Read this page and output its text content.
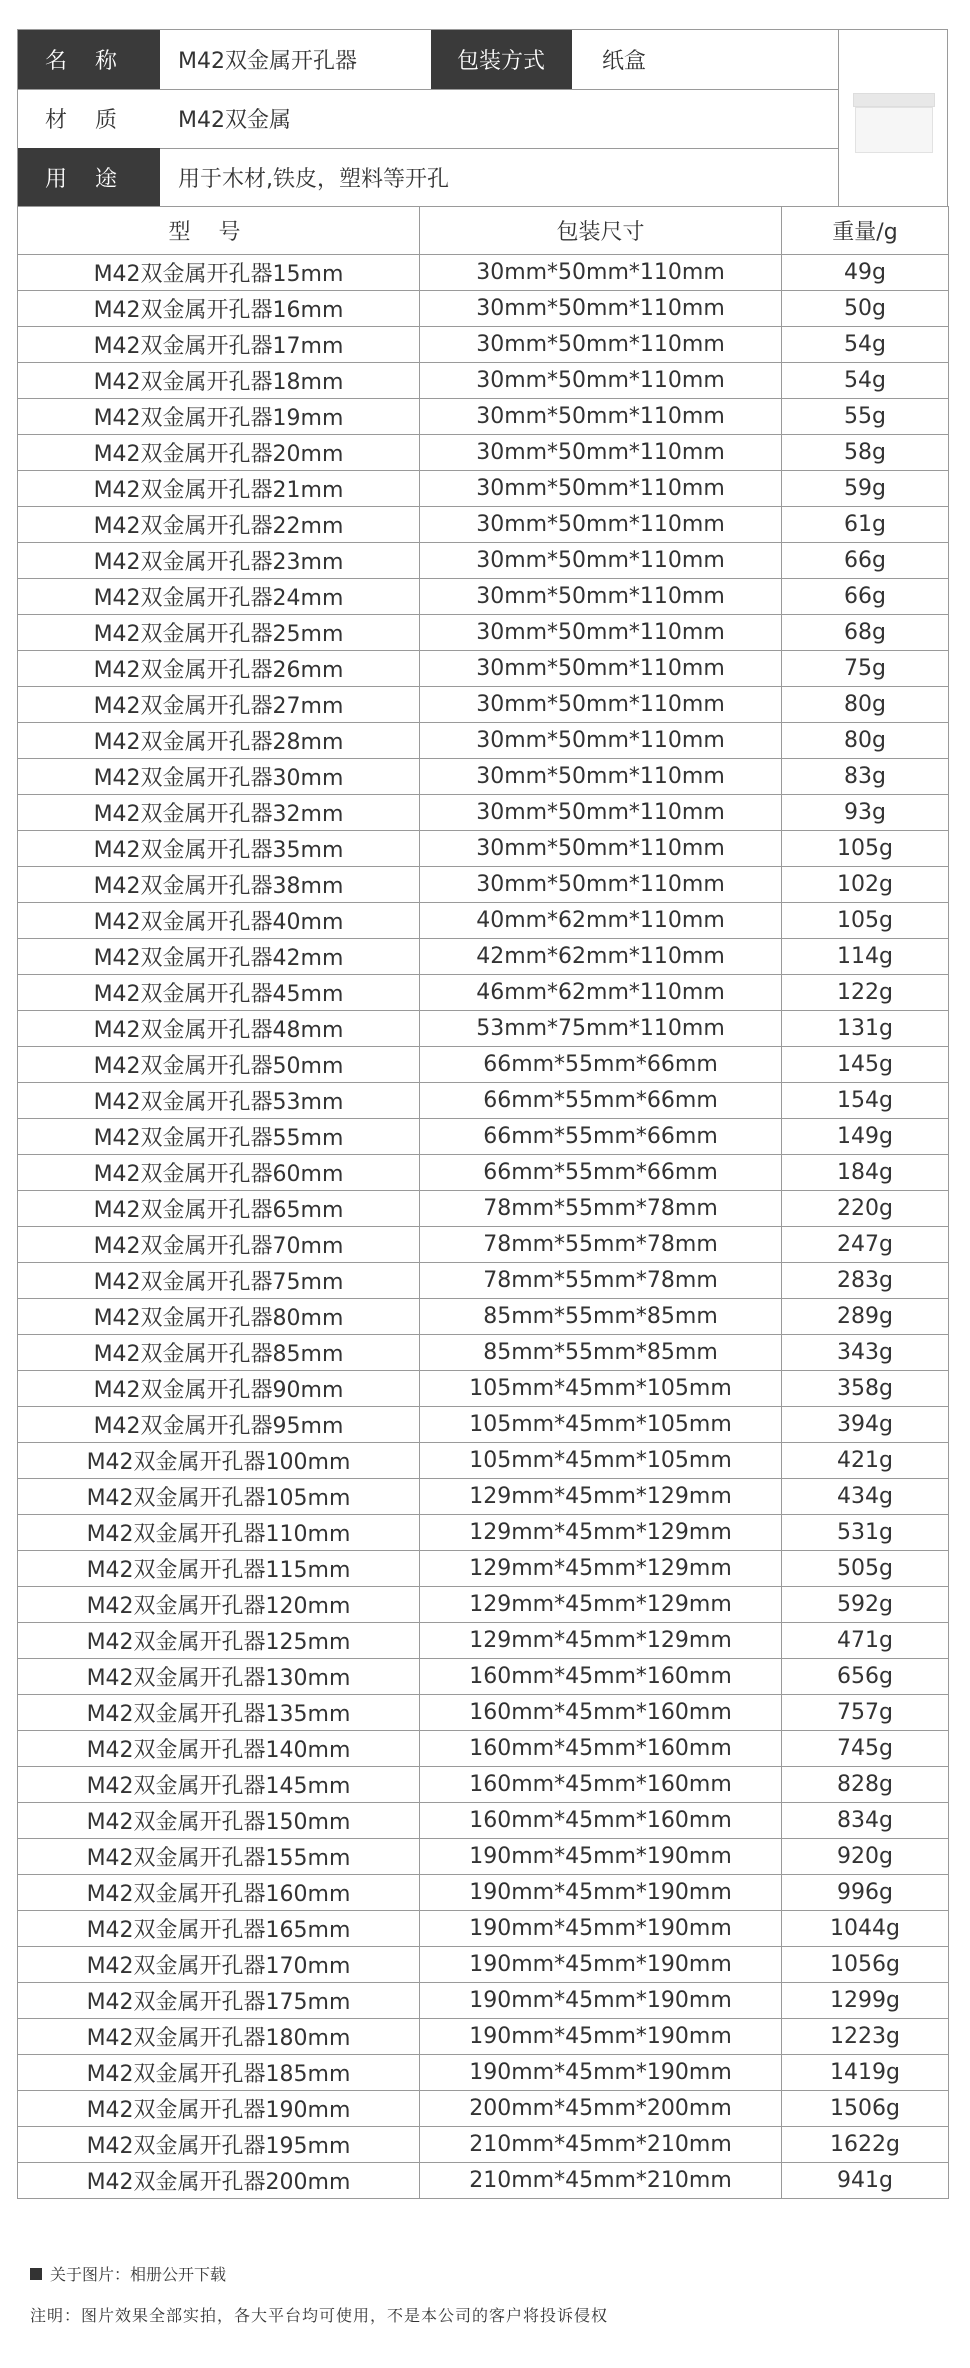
名称	M42双金属开孔器	包装方式	纸盒
材质	M42双金属
用途	用于木材,铁皮，塑料等开孔
型号	包装尺寸	重量/g
M42双金属开孔器15mm	30mm*50mm*110mm	49g
M42双金属开孔器16mm	30mm*50mm*110mm	50g
M42双金属开孔器17mm	30mm*50mm*110mm	54g
M42双金属开孔器18mm	30mm*50mm*110mm	54g
M42双金属开孔器19mm	30mm*50mm*110mm	55g
M42双金属开孔器20mm	30mm*50mm*110mm	58g
M42双金属开孔器21mm	30mm*50mm*110mm	59g
M42双金属开孔器22mm	30mm*50mm*110mm	61g
M42双金属开孔器23mm	30mm*50mm*110mm	66g
M42双金属开孔器24mm	30mm*50mm*110mm	66g
M42双金属开孔器25mm	30mm*50mm*110mm	68g
M42双金属开孔器26mm	30mm*50mm*110mm	75g
M42双金属开孔器27mm	30mm*50mm*110mm	80g
M42双金属开孔器28mm	30mm*50mm*110mm	80g
M42双金属开孔器30mm	30mm*50mm*110mm	83g
M42双金属开孔器32mm	30mm*50mm*110mm	93g
M42双金属开孔器35mm	30mm*50mm*110mm	105g
M42双金属开孔器38mm	30mm*50mm*110mm	102g
M42双金属开孔器40mm	40mm*62mm*110mm	105g
M42双金属开孔器42mm	42mm*62mm*110mm	114g
M42双金属开孔器45mm	46mm*62mm*110mm	122g
M42双金属开孔器48mm	53mm*75mm*110mm	131g
M42双金属开孔器50mm	66mm*55mm*66mm	145g
M42双金属开孔器53mm	66mm*55mm*66mm	154g
M42双金属开孔器55mm	66mm*55mm*66mm	149g
M42双金属开孔器60mm	66mm*55mm*66mm	184g
M42双金属开孔器65mm	78mm*55mm*78mm	220g
M42双金属开孔器70mm	78mm*55mm*78mm	247g
M42双金属开孔器75mm	78mm*55mm*78mm	283g
M42双金属开孔器80mm	85mm*55mm*85mm	289g
M42双金属开孔器85mm	85mm*55mm*85mm	343g
M42双金属开孔器90mm	105mm*45mm*105mm	358g
M42双金属开孔器95mm	105mm*45mm*105mm	394g
M42双金属开孔器100mm	105mm*45mm*105mm	421g
M42双金属开孔器105mm	129mm*45mm*129mm	434g
M42双金属开孔器110mm	129mm*45mm*129mm	531g
M42双金属开孔器115mm	129mm*45mm*129mm	505g
M42双金属开孔器120mm	129mm*45mm*129mm	592g
M42双金属开孔器125mm	129mm*45mm*129mm	471g
M42双金属开孔器130mm	160mm*45mm*160mm	656g
M42双金属开孔器135mm	160mm*45mm*160mm	757g
M42双金属开孔器140mm	160mm*45mm*160mm	745g
M42双金属开孔器145mm	160mm*45mm*160mm	828g
M42双金属开孔器150mm	160mm*45mm*160mm	834g
M42双金属开孔器155mm	190mm*45mm*190mm	920g
M42双金属开孔器160mm	190mm*45mm*190mm	996g
M42双金属开孔器165mm	190mm*45mm*190mm	1044g
M42双金属开孔器170mm	190mm*45mm*190mm	1056g
M42双金属开孔器175mm	190mm*45mm*190mm	1299g
M42双金属开孔器180mm	190mm*45mm*190mm	1223g
M42双金属开孔器185mm	190mm*45mm*190mm	1419g
M42双金属开孔器190mm	200mm*45mm*200mm	1506g
M42双金属开孔器195mm	210mm*45mm*210mm	1622g
M42双金属开孔器200mm	210mm*45mm*210mm	941g
关于图片：相册公开下载
注明：图片效果全部实拍，各大平台均可使用，不是本公司的客户将投诉侵权
